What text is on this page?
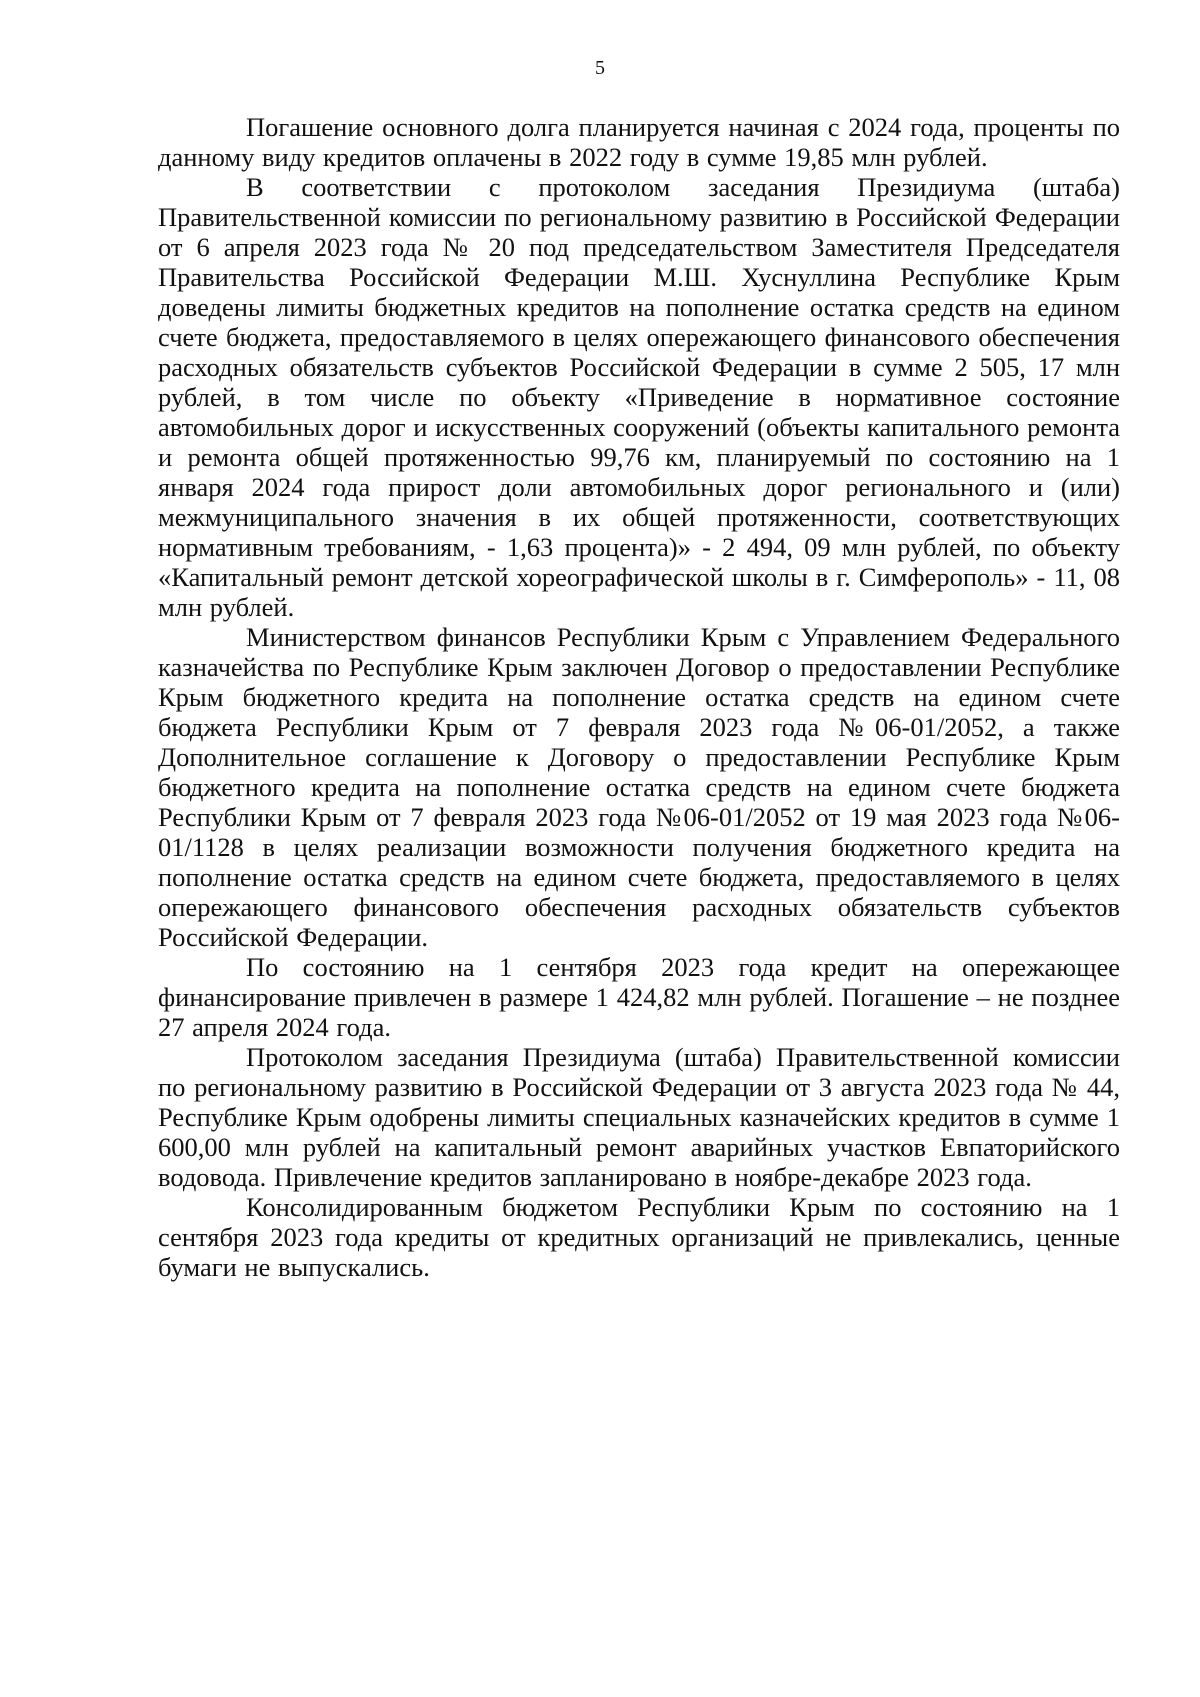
5

Погашение основного долга планируется начиная с 2024 года, проценты по данному виду кредитов оплачены в 2022 году в сумме 19,85 млн рублей.

В соответствии с протоколом заседания Президиума (штаба) Правительственной комиссии по региональному развитию в Российской Федерации от 6 апреля 2023 года № 20 под председательством Заместителя Председателя Правительства Российской Федерации М.Ш. Хуснуллина Республике Крым доведены лимиты бюджетных кредитов на пополнение остатка средств на едином счете бюджета, предоставляемого в целях опережающего финансового обеспечения расходных обязательств субъектов Российской Федерации в сумме 2 505, 17 млн рублей, в том числе по объекту «Приведение в нормативное состояние автомобильных дорог и искусственных сооружений (объекты капитального ремонта и ремонта общей протяженностью 99,76 км, планируемый по состоянию на 1 января 2024 года прирост доли автомобильных дорог регионального и (или) межмуниципального значения в их общей протяженности, соответствующих нормативным требованиям, - 1,63 процента)» - 2 494, 09 млн рублей, по объекту «Капитальный ремонт детской хореографической школы в г. Симферополь» - 11, 08 млн рублей.

Министерством финансов Республики Крым с Управлением Федерального казначейства по Республике Крым заключен Договор о предоставлении Республике Крым бюджетного кредита на пополнение остатка средств на едином счете бюджета Республики Крым от 7 февраля 2023 года №06-01/2052, а также Дополнительное соглашение к Договору о предоставлении Республике Крым бюджетного кредита на пополнение остатка средств на едином счете бюджета Республики Крым от 7 февраля 2023 года №06-01/2052 от 19 мая 2023 года №06-01/1128 в целях реализации возможности получения бюджетного кредита на пополнение остатка средств на едином счете бюджета, предоставляемого в целях опережающего финансового обеспечения расходных обязательств субъектов Российской Федерации.

По состоянию на 1 сентября 2023 года кредит на опережающее финансирование привлечен в размере 1 424,82 млн рублей. Погашение – не позднее 27 апреля 2024 года.

Протоколом заседания Президиума (штаба) Правительственной комиссии по региональному развитию в Российской Федерации от 3 августа 2023 года № 44, Республике Крым одобрены лимиты специальных казначейских кредитов в сумме 1 600,00 млн рублей на капитальный ремонт аварийных участков Евпаторийского водовода. Привлечение кредитов запланировано в ноябре-декабре 2023 года.

Консолидированным бюджетом Республики Крым по состоянию на 1 сентября 2023 года кредиты от кредитных организаций не привлекались, ценные бумаги не выпускались.
